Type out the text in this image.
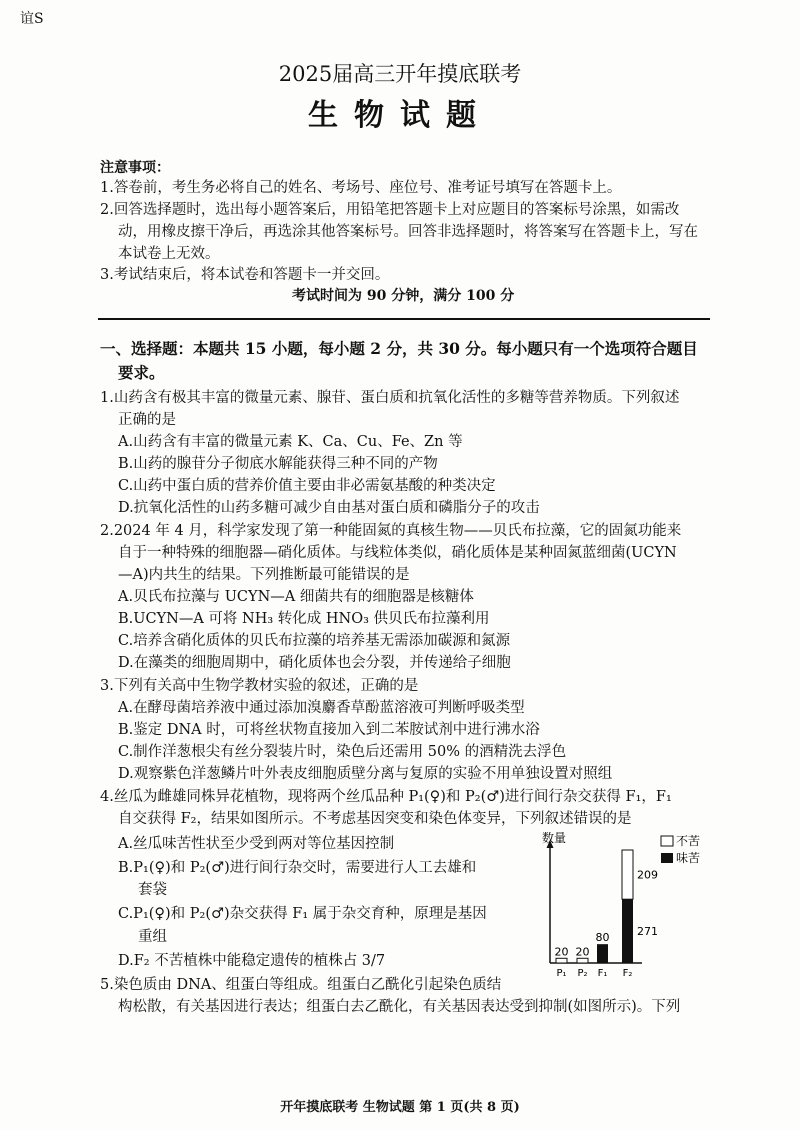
谊S
2025届高三开年摸底联考
生物试题
注意事项：
1.答卷前，考生务必将自己的姓名、考场号、座位号、准考证号填写在答题卡上。
2.回答选择题时，选出每小题答案后，用铅笔把答题卡上对应题目的答案标号涂黑，如需改
动，用橡皮擦干净后，再选涂其他答案标号。回答非选择题时，将答案写在答题卡上，写在
本试卷上无效。
3.考试结束后，将本试卷和答题卡一并交回。
考试时间为 90 分钟，满分 100 分
一、选择题：本题共 15 小题，每小题 2 分，共 30 分。每小题只有一个选项符合题目
要求。
1.山药含有极其丰富的微量元素、腺苷、蛋白质和抗氧化活性的多糖等营养物质。下列叙述
正确的是
A.山药含有丰富的微量元素 K、Ca、Cu、Fe、Zn 等
B.山药的腺苷分子彻底水解能获得三种不同的产物
C.山药中蛋白质的营养价值主要由非必需氨基酸的种类决定
D.抗氧化活性的山药多糖可减少自由基对蛋白质和磷脂分子的攻击
2.2024 年 4 月，科学家发现了第一种能固氮的真核生物——贝氏布拉藻，它的固氮功能来
自于一种特殊的细胞器—硝化质体。与线粒体类似，硝化质体是某种固氮蓝细菌(UCYN
—A)内共生的结果。下列推断最可能错误的是
A.贝氏布拉藻与 UCYN—A 细菌共有的细胞器是核糖体
B.UCYN—A 可将 NH₃ 转化成 HNO₃ 供贝氏布拉藻利用
C.培养含硝化质体的贝氏布拉藻的培养基无需添加碳源和氮源
D.在藻类的细胞周期中，硝化质体也会分裂，并传递给子细胞
3.下列有关高中生物学教材实验的叙述，正确的是
A.在酵母菌培养液中通过添加溴麝香草酚蓝溶液可判断呼吸类型
B.鉴定 DNA 时，可将丝状物直接加入到二苯胺试剂中进行沸水浴
C.制作洋葱根尖有丝分裂装片时，染色后还需用 50% 的酒精洗去浮色
D.观察紫色洋葱鳞片叶外表皮细胞质壁分离与复原的实验不用单独设置对照组
4.丝瓜为雌雄同株异花植物，现将两个丝瓜品种 P₁(♀)和 P₂(♂)进行间行杂交获得 F₁，F₁
自交获得 F₂，结果如图所示。不考虑基因突变和染色体变异，下列叙述错误的是
A.丝瓜味苦性状至少受到两对等位基因控制
B.P₁(♀)和 P₂(♂)进行间行杂交时，需要进行人工去雄和
套袋
C.P₁(♀)和 P₂(♂)杂交获得 F₁ 属于杂交育种，原理是基因
重组
D.F₂ 不苦植株中能稳定遗传的植株占 3/7
5.染色质由 DNA、组蛋白等组成。组蛋白乙酰化引起染色质结
构松散，有关基因进行表达；组蛋白去乙酰化，有关基因表达受到抑制(如图所示)。下列
数量	不苦
味苦
P₁ P₂ F₁ F₂
20 20
80
209
271
开年摸底联考 生物试题 第 1 页(共 8 页)
